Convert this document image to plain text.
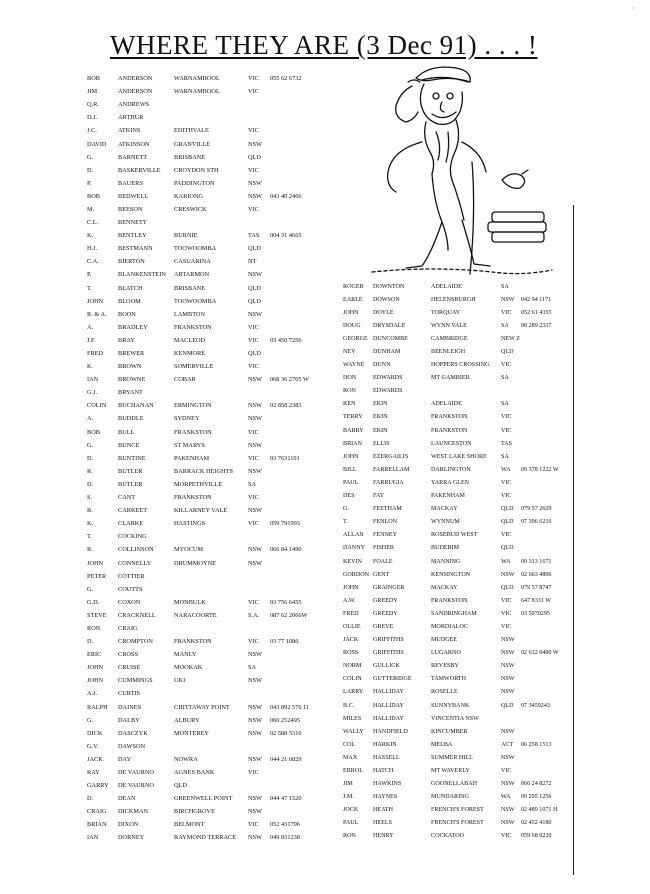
WHERE THEY ARE (3 Dec 91) . . . !
·
BOB	ANDERSON	WARNAMBOOL	VIC	055 62 6732
JIM	ANDERSON	WARNAMBOOL	VIC
Q.R.	ANDREWS
D.J.	ARTHUR
J.C.	ATKINS	EDITHVALE	VIC
DAVID	ATKINSON	GRANVILLE	NSW
G.	BARNETT	BRISBANE	QLD
D.	BASKERVILLE	CROYDON STH	VIC
P.	BAUERS	PADDINGTON	NSW
BOB	BEDWELL	KARIONG	NSW	043 40 2466
M.	BEESON	CRESWICK	VIC
C.L.	BENNETT
K.	BENTLEY	BURNIE	TAS	004 31 4665
H.J.	BESTMANN	TOOWOOMBA	QLD
C.A.	BIERTON	CASUARINA	NT
P.	BLANKENSTEIN	ARTARMON	NSW
T.	BLATCH	BRISBANE	QLD
JOHN	BLOOM	TOOWOOMBA	QLD
R. & A.	BOON	LAMBTON	NSW
A.	BRADLEY	FRANKSTON	VIC
J.F.	BRAY	MACLEOD	VIC	03 450 7256
FRED	BREWER	KENMORE	QLD
K.	BROWN	SOMERVILLE	VIC
IAN	BROWNE	COBAR	NSW	068 36 2705 W
G.J.	BRYANT
COLIN	BUCHANAN	ERMINGTON	NSW	02 858 2383
A.	BUDDLE	SYDNEY	NSW
BOB	BULL	FRANKSTON	VIC
G.	BUNCE	ST MARYS	NSW
D.	BUNTINE	PAKENHAM	VIC	03 7631101
R.	BUTLER	BARRACK HEIGHTS	NSW
D.	BUTLER	MORPETHVILLE	SA
S.	CANT	FRANKSTON	VIC
R.	CARKEET	KILLARNEY VALE	NSW
K.	CLARKE	HASTINGS	VIC	059 791993
T.	COCKING
R.	COLLINSON	MYOCUM	NSW	066 84 1490
JOHN	CONNELLY	DRUMMOYNE	NSW
PETER	COTTIER
G.	COUTTS
G.D.	COXON	MONBULK	VIC	03 756 6455
STEVE	CRACKNELL	NARACOORTE	S.A.	087 62 2066W
RON	CRAIG
D.	CROMPTON	FRANKSTON	VIC	03 77 1086
ERIC	CROSS	MANLY	NSW
JOHN	CRUISE	MOOKAK	SA
JOHN	CUMMINGS	UKI	NSW
A.J.	CURTIS
RALPH	DAINES	CHITTAWAY POINT	NSW	043 892 576 11
G.	DALBY	ALBURY	NSW	060 252495
DICK	DASCZYK	MONTEREY	NSW	02 588 5310
G.V.	DAWSON
JACK	DAY	NOWRA	NSW	044 21 6829
RAY	DE VAURNO	AGNES BANK	VIC
GARRY	DE VAURNO	QLD
D.	DEAN	GREENWELL POINT	NSW	044 47 1520
CRAIG	DICKMAN	BIRCHGROVE	NSW
BRIAN	DIXON	BELMONT	VIC	052 431796
IAN	DORNEY	RAYMOND TERRACE	NSW	049 831238
ROGER	DOWNTON	ADELAIDE	SA
EARLE	DOWSON	HELENSBURGH	NSW	042 94 1171
JOHN	DOYLE	TORQUAY	VIC	052 61 4355
DOUG	DRYSDALE	WYNN VALE	SA	08 289 2337
GEORGE DUNCOMBE	CAMBRIDGE	NEW Z
NEV	DUNHAM	BEENLEIGH	QLD
WAYNE	DUNN	HOPPERS CROSSING	VIC
DON	EDWARDS	MT GAMBIER	SA
RON	EDWARDS
KEN	EKIN	ADELAIDE	SA
TERRY	EKIN	FRANKSTON	VIC
BARRY	EKIN	FRANKSTON	VIC
BRIAN	ELLIS	LAUNCESTON	TAS
JOHN	EZERGAILIS	WEST LAKE SHORE	SA
BILL	FARRELLAM	DARLINGTON	WA	09 378 1222 W
PAUL	FARRUGIA	YARRA GLEN	VIC
DES	FAY	PAKENHAM	VIC
G.	FEETHAM	MACKAY	QLD	079 57 2629
T.	FENLON	WYNNUM	QLD	07 396 6216
ALLAN	FENNEY	ROSEBUD WEST	VIC
DANNY	FISHER	BUDERIM	QLD
KEVIN	FOALE	MANNING	WA	09 313 1671
GORDON GENT	KENSINGTON	NSW	02 663 4896
JOHN	GRAINGER	MACKAY	QLD	079 57 8747
A.W.	GREEDY	FRANKSTON	VIC	647 8331 W
FRED	GREEDY	SANDRINGHAM	VIC	03 5970295
OLLIE	GREVE	MORDIALOC	VIC
JACK	GRIFFITHS	MUDGEE	NSW
ROSS	GRIFFITHS	LUGARNO	NSW	02 632 0400 W
NORM	GULLICK	REVESBY	NSW
COLIN	GUTTERIDGE	TAMWORTH	NSW
LARRY	HALLIDAY	ROSELLE	NSW
B.C.	HALLIDAY	SUNNYBANK	QLD	07 3459243
MILES	HALLIDAY	VINCENTIA NSW
WALLY	HANDFIELD	KINCUMBER	NSW
COL	HARKIN	MELBA	ACT	06 258 1513
MAX	HASSELL	SUMMER HILL	NSW
ERROL	HATCH	MT WAVERLY	VIC
JIM	HAWKINS	GOONELLABAH	NSW	066 24 8272
J.M.	HAYNES	MUNDARING	WA	09 295 1256
JOCK	HEATH	FRENCH'S FOREST	NSW	02 489 1071 H
PAUL	HEELS	FRENCH'S FOREST	NSW	02 452 4180
RON	HENRY	COCKATOO	VIC	059 68 9220
